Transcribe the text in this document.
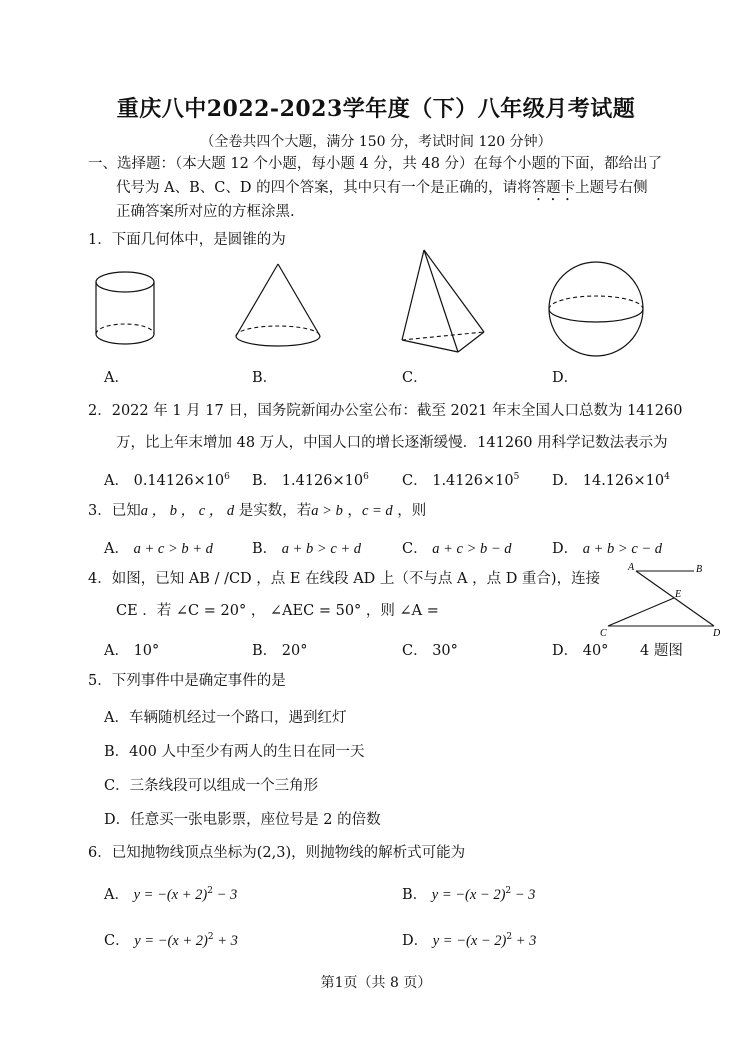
重庆八中2022-2023学年度（下）八年级月考试题
（全卷共四个大题，满分 150 分，考试时间 120 分钟）
一、选择题：（本大题 12 个小题，每小题 4 分，共 48 分）在每个小题的下面，都给出了
代号为 A、B、C、D 的四个答案，其中只有一个是正确的，请将答题卡上题号右侧
正确答案所对应的方框涂黑.
1．下面几何体中，是圆锥的为
A．	B．	C．	D．
2．2022 年 1 月 17 日，国务院新闻办公室公布：截至 2021 年末全国人口总数为 141260
万，比上年末增加 48 万人，中国人口的增长逐渐缓慢．141260 用科学记数法表示为
A． $0.14126\times 10^6$ B． $1.4126\times 10^6$ C． $1.4126\times 10^5$ D． $14.126\times 10^4$
3．已知a ， b ， c ， d 是实数，若a > b ，c = d ，则
A． a + c > b + d	B． a + b > c + d	C． a + c > b − d	D． a + b > c − d
4．如图，已知 AB / /CD ，点 E 在线段 AD 上（不与点 A ，点 D 重合)，连接
CE ．若 ∠C = 20° ， ∠AEC = 50° ，则 ∠A =
A	B
E
C	D
A． 10°	B． 20°	C． 30°	D． 40° 4 题图
5．下列事件中是确定事件的是
A．车辆随机经过一个路口，遇到红灯
B．400 人中至少有两人的生日在同一天
C．三条线段可以组成一个三角形
D．任意买一张电影票，座位号是 2 的倍数
6．已知抛物线顶点坐标为(2,3)，则抛物线的解析式可能为
A． $y = -(x + 2)^2 - 3$	B． $y = -(x - 2)^2 - 3$
C． $y = -(x + 2)^2 + 3$	D． $y = -(x - 2)^2 + 3$
第1页（共 8 页）
